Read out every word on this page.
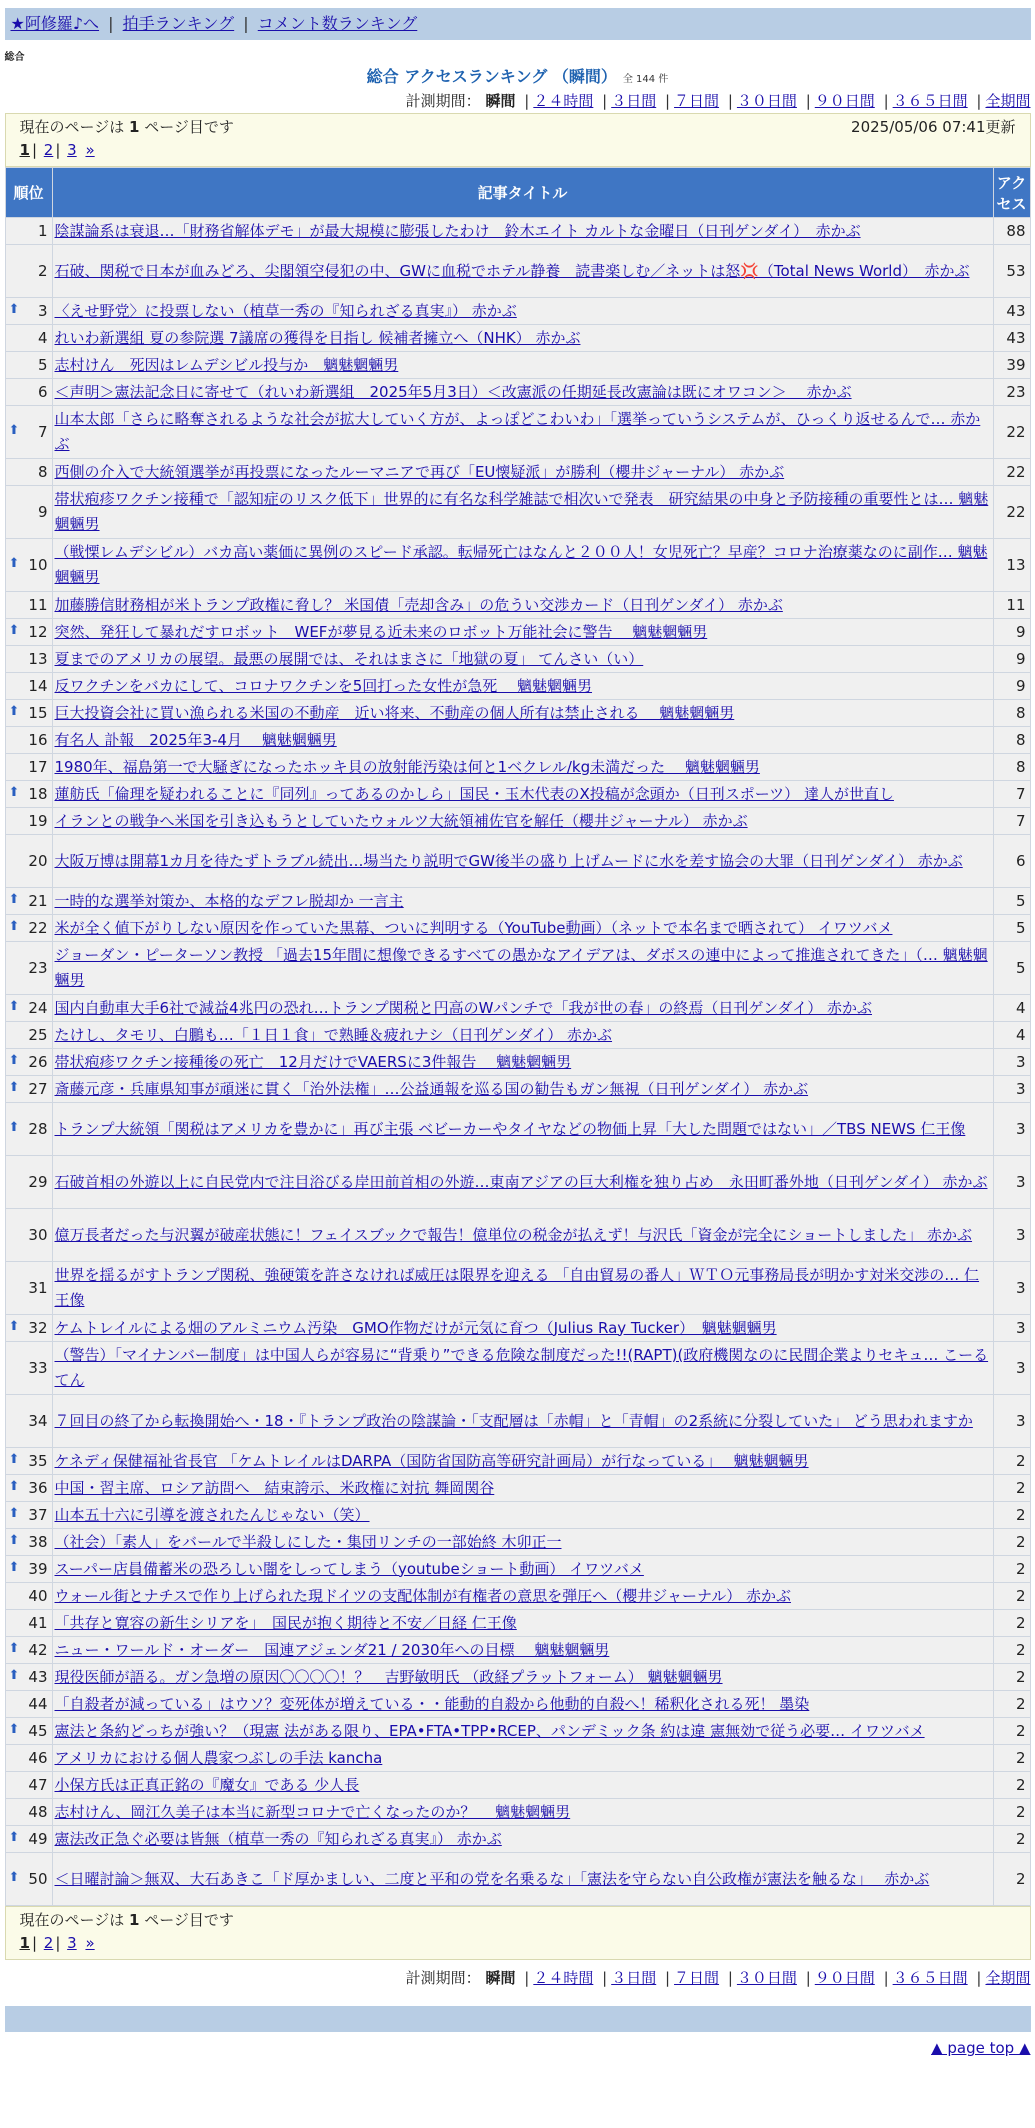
★阿修羅♪へ | 拍手ランキング | コメント数ランキング
総合
総合 アクセスランキング （瞬間） 全 144 件
計測期間： 瞬間 | ２４時間 | ３日間 | ７日間 | ３０日間 | ９０日間 | ３６５日間 | 全期間
現在のページは 1 ページ目です	2025/05/06 07:41更新
1 | 2 | 3 »
順位	記事タイトル	アクセス
1	陰謀論系は衰退…「財務省解体デモ」が最大規模に膨張したわけ　鈴木エイト カルトな金曜日（日刊ゲンダイ）　赤かぶ	88
2	石破、関税で日本が血みどろ、尖閣領空侵犯の中、GWに血税でホテル静養　読書楽しむ／ネットは怒💢（Total News World）　赤かぶ	53

⬆ 3	〈えせ野党〉に投票しない（植草一秀の『知られざる真実』） 赤かぶ	43
4	れいわ新選組 夏の参院選 7議席の獲得を目指し 候補者擁立へ（NHK） 赤かぶ	43
5	志村けん　死因はレムデシビル投与か　魑魅魍魎男	39
6	＜声明＞憲法記念日に寄せて（れいわ新選組　2025年5月3日）＜改憲派の任期延長改憲論は既にオワコン＞　 赤かぶ	23

⬆ 7	山本太郎「さらに略奪されるような社会が拡大していく方が、よっぽどこわいわ」「選挙っていうシステムが、ひっくり返せるんで… 赤かぶ	22
8	西側の介入で大統領選挙が再投票になったルーマニアで再び「EU懐疑派」が勝利（櫻井ジャーナル） 赤かぶ	22
9	帯状疱疹ワクチン接種で「認知症のリスク低下」世界的に有名な科学雑誌で相次いで発表　研究結果の中身と予防接種の重要性とは… 魑魅魍魎男	22

⬆ 10	（戦慄レムデシビル）バカ高い薬価に異例のスピード承認。転帰死亡はなんと２００人！女児死亡？早産？コロナ治療薬なのに副作… 魑魅魍魎男	13
11	加藤勝信財務相が米トランプ政権に脅し？ 米国債「売却含み」の危うい交渉カード（日刊ゲンダイ） 赤かぶ	11

⬆ 12	突然、発狂して暴れだすロボット　WEFが夢見る近未来のロボット万能社会に警告　 魑魅魍魎男	9
13	夏までのアメリカの展望。最悪の展開では、それはまさに「地獄の夏」 てんさい（い）	9
14	反ワクチンをバカにして、コロナワクチンを5回打った女性が急死　 魑魅魍魎男	9

⬆ 15	巨大投資会社に買い漁られる米国の不動産　近い将来、不動産の個人所有は禁止される　 魑魅魍魎男	8
16	有名人 訃報　2025年3-4月　 魑魅魍魎男	8
17	1980年、福島第一で大騒ぎになったホッキ貝の放射能汚染は何と1ベクレル/kg未満だった　 魑魅魍魎男	8

⬆ 18	蓮舫氏「倫理を疑われることに『同列』ってあるのかしら」国民・玉木代表のX投稿が念頭か（日刊スポーツ） 達人が世直し	7
19	イランとの戦争へ米国を引き込もうとしていたウォルツ大統領補佐官を解任（櫻井ジャーナル） 赤かぶ	7
20	大阪万博は開幕1カ月を待たずトラブル続出…場当たり説明でGW後半の盛り上げムードに水を差す協会の大罪（日刊ゲンダイ） 赤かぶ	6

⬆ 21	一時的な選挙対策か、本格的なデフレ脱却か 一言主	5

⬆ 22	米が全く値下がりしない原因を作っていた黒幕、ついに判明する（YouTube動画）（ネットで本名まで晒されて） イワツバメ	5
23	ジョーダン・ピーターソン教授 「過去15年間に想像できるすべての愚かなアイデアは、ダボスの連中によって推進されてきた」（… 魑魅魍魎男	5

⬆ 24	国内自動車大手6社で減益4兆円の恐れ…トランプ関税と円高のWパンチで「我が世の春」の終焉（日刊ゲンダイ） 赤かぶ	4
25	たけし、タモリ、白鵬も…「１日１食」で熟睡＆疲れナシ（日刊ゲンダイ） 赤かぶ	4

⬆ 26	帯状疱疹ワクチン接種後の死亡　12月だけでVAERSに3件報告　 魑魅魍魎男	3

⬆ 27	斎藤元彦・兵庫県知事が頑迷に貫く「治外法権」…公益通報を巡る国の勧告もガン無視（日刊ゲンダイ） 赤かぶ	3

⬆ 28	トランプ大統領「関税はアメリカを豊かに」再び主張 ベビーカーやタイヤなどの物価上昇「大した問題ではない」／TBS NEWS 仁王像	3
29	石破首相の外遊以上に自民党内で注目浴びる岸田前首相の外遊…東南アジアの巨大利権を独り占め　永田町番外地（日刊ゲンダイ） 赤かぶ	3
30	億万長者だった与沢翼が破産状態に！フェイスブックで報告！億単位の税金が払えず！与沢氏「資金が完全にショートしました」 赤かぶ	3
31	世界を揺るがすトランプ関税、強硬策を許さなければ威圧は限界を迎える 「自由貿易の番人」ＷＴＯ元事務局長が明かす対米交渉の… 仁王像	3

⬆ 32	ケムトレイルによる畑のアルミニウム汚染　GMO作物だけが元気に育つ（Julius Ray Tucker）　魑魅魍魎男	3
33	（警告）「マイナンバー制度」は中国人らが容易に“背乗り”できる危険な制度だった!!(RAPT)(政府機関なのに民間企業よりセキュ… こーるてん	3
34	７回目の終了から転換開始へ・18・『トランプ政治の陰謀論・「支配層は「赤帽」と「青帽」の2系統に分裂していた」 どう思われますか	3

⬆ 35	ケネディ保健福祉省長官 「ケムトレイルはDARPA（国防省国防高等研究計画局）が行なっている」　 魑魅魍魎男	2

⬆ 36	中国・習主席、ロシア訪問へ　結束誇示、米政権に対抗 舞岡関谷	2

⬆ 37	山本五十六に引導を渡されたんじゃない（笑）	2

⬆ 38	（社会）「素人」をバールで半殺しにした・集団リンチの一部始終 木卯正一	2

⬆ 39	スーパー店員備蓄米の恐ろしい闇をしってしまう（youtubeショート動画） イワツバメ	2
40	ウォール街とナチスで作り上げられた現ドイツの支配体制が有権者の意思を弾圧へ（櫻井ジャーナル） 赤かぶ	2
41	「共存と寛容の新生シリアを」　国民が抱く期待と不安／日経 仁王像	2

⬆ 42	ニュー・ワールド・オーダー　国連アジェンダ21 / 2030年への目標　 魑魅魍魎男	2

⬆ 43	現役医師が語る。ガン急増の原因〇〇〇〇！？　吉野敏明氏 （政経プラットフォーム） 魑魅魍魎男	2
44	「自殺者が減っている」はウソ？変死体が増えている・・能動的自殺から他動的自殺へ！稀釈化される死！ 墨染	2

⬆ 45	憲法と条約どっちが強い？（現憲 法がある限り、EPA•FTA•TPP•RCEP、パンデミック条 約は違 憲無効で従う必要… イワツバメ	2
46	アメリカにおける個人農家つぶしの手法 kancha	2
47	小保方氏は正真正銘の『魔女』である 少人長	2
48	志村けん、岡江久美子は本当に新型コロナで亡くなったのか？　 魑魅魍魎男	2

⬆ 49	憲法改正急ぐ必要は皆無（植草一秀の『知られざる真実』） 赤かぶ	2

⬆ 50	＜日曜討論＞無双、大石あきこ「ド厚かましい、二度と平和の党を名乗るな」「憲法を守らない自公政権が憲法を触るな」　 赤かぶ	2
現在のページは 1 ページ目です
1 | 2 | 3 »
計測期間： 瞬間 | ２４時間 | ３日間 | ７日間 | ３０日間 | ９０日間 | ３６５日間 | 全期間
▲ page top ▲
